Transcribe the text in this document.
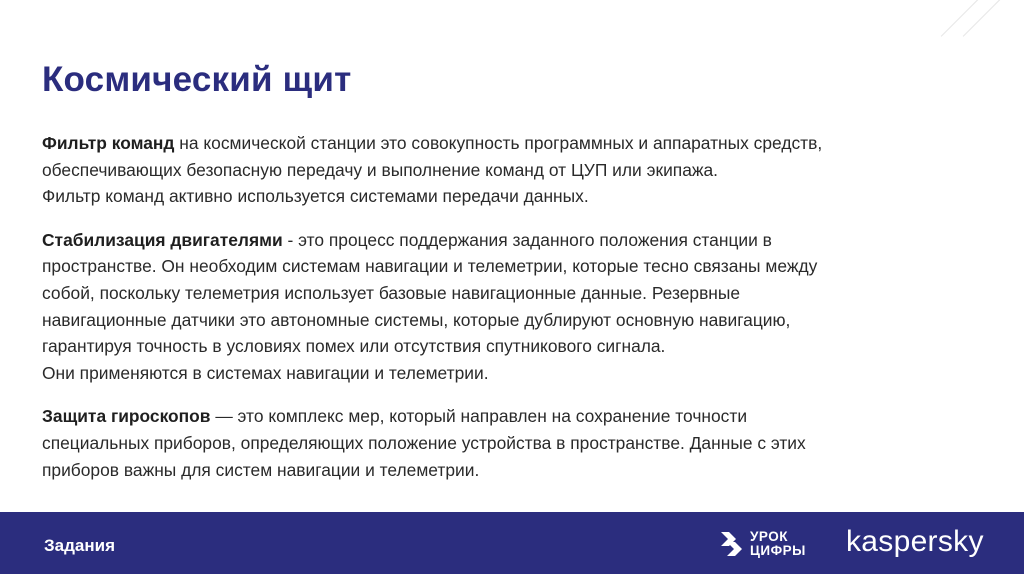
Космический щит

Фильтр команд на космической станции это совокупность программных и аппаратных средств,
обеспечивающих безопасную передачу и выполнение команд от ЦУП или экипажа.
Фильтр команд активно используется системами передачи данных.

Стабилизация двигателями - это процесс поддержания заданного положения станции в
пространстве. Он необходим системам навигации и телеметрии, которые тесно связаны между
собой, поскольку телеметрия использует базовые навигационные данные. Резервные
навигационные датчики это автономные системы, которые дублируют основную навигацию,
гарантируя точность в условиях помех или отсутствия спутникового сигнала.
Они применяются в системах навигации и телеметрии.

Защита гироскопов — это комплекс мер, который направлен на сохранение точности
специальных приборов, определяющих положение устройства в пространстве. Данные с этих
приборов важны для систем навигации и телеметрии.

Задания	УРОК
ЦИФРЫ kaspersky
